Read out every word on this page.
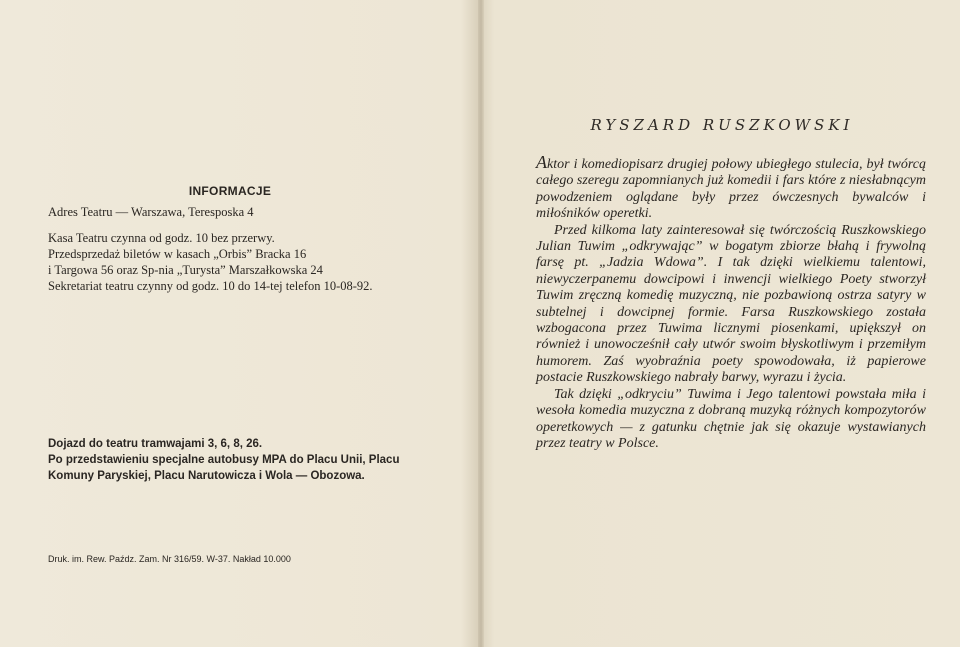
INFORMACJE
Adres Teatru — Warszawa, Teresposka 4
Kasa Teatru czynna od godz. 10 bez przerwy.
Przedsprzedaż biletów w kasach „Orbis” Bracka 16
i Targowa 56 oraz Sp-nia „Turysta” Marszałkowska 24
Sekretariat teatru czynny od godz. 10 do 14-tej telefon 10-08-92.
Dojazd do teatru tramwajami 3, 6, 8, 26.
Po przedstawieniu specjalne autobusy MPA do Placu Unii, Placu
Komuny Paryskiej, Placu Narutowicza i Wola — Obozowa.
Druk. im. Rew. Paźdz. Zam. Nr 316/59. W-37. Nakład 10.000
RYSZARD RUSZKOWSKI

Aktor i komediopisarz drugiej połowy ubiegłego stulecia, był twórcą całego szeregu zapomnianych już komedii i fars które z niesłabnącym powodzeniem oglądane były przez ówczesnych bywalców i miłośników operetki.

Przed kilkoma laty zainteresował się twórczością Ruszkowskiego Julian Tuwim „odkrywając” w bogatym zbiorze błahą i frywolną farsę pt. „Jadzia Wdowa”. I tak dzięki wielkiemu talentowi, niewyczerpanemu dowcipowi i inwencji wielkiego Poety stworzył Tuwim zręczną komedię muzyczną, nie pozbawioną ostrza satyry w subtelnej i dowcipnej formie. Farsa Ruszkowskiego została wzbogacona przez Tuwima licznymi piosenkami, upiększył on również i unowocześnił cały utwór swoim błyskotliwym i przemiłym humorem. Zaś wyobraźnia poety spowodowała, iż papierowe postacie Ruszkowskiego nabrały barwy, wyrazu i życia.

Tak dzięki „odkryciu” Tuwima i Jego talentowi powstała miła i wesoła komedia muzyczna z dobraną muzyką różnych kompozytorów operetkowych — z gatunku chętnie jak się okazuje wystawianych przez teatry w Polsce.
